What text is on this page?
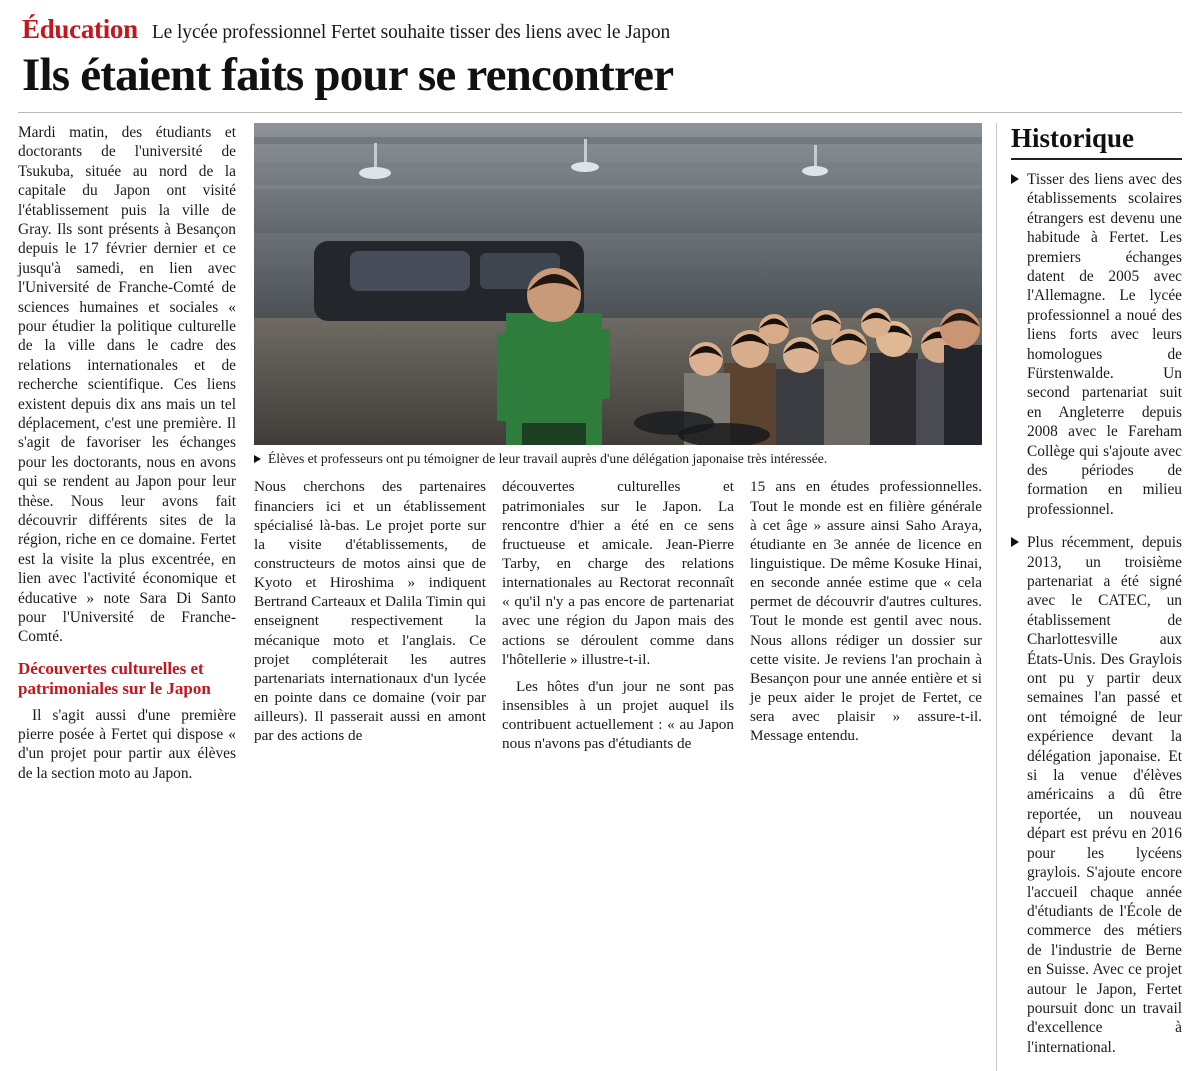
Éducation Le lycée professionnel Fertet souhaite tisser des liens avec le Japon
Ils étaient faits pour se rencontrer

Mardi matin, des étudiants et doctorants de l'université de Tsukuba, située au nord de la capitale du Japon ont visité l'établissement puis la ville de Gray. Ils sont présents à Besançon depuis le 17 février dernier et ce jusqu'à samedi, en lien avec l'Université de Franche-Comté de sciences humaines et sociales « pour étudier la politique culturelle de la ville dans le cadre des relations internationales et de recherche scientifique. Ces liens existent depuis dix ans mais un tel déplacement, c'est une première. Il s'agit de favoriser les échanges pour les doctorants, nous en avons qui se rendent au Japon pour leur thèse. Nous leur avons fait découvrir différents sites de la région, riche en ce domaine. Fertet est la visite la plus excentrée, en lien avec l'activité économique et éducative » note Sara Di Santo pour l'Université de Franche-Comté.

Découvertes culturelles et patrimoniales sur le Japon

Il s'agit aussi d'une première pierre posée à Fertet qui dispose « d'un projet pour partir aux élèves de la section moto au Japon.

Élèves et professeurs ont pu témoigner de leur travail auprès d'une délégation japonaise très intéressée.

Nous cherchons des partenaires financiers ici et un établissement spécialisé là-bas. Le projet porte sur la visite d'établissements, de constructeurs de motos ainsi que de Kyoto et Hiroshima » indiquent Bertrand Carteaux et Dalila Timin qui enseignent respectivement la mécanique moto et l'anglais. Ce projet compléterait les autres partenariats internationaux d'un lycée en pointe dans ce domaine (voir par ailleurs). Il passerait aussi en amont par des actions de

découvertes culturelles et patrimoniales sur le Japon. La rencontre d'hier a été en ce sens fructueuse et amicale. Jean-Pierre Tarby, en charge des relations internationales au Rectorat reconnaît « qu'il n'y a pas encore de partenariat avec une région du Japon mais des actions se déroulent comme dans l'hôtellerie » illustre-t-il.

Les hôtes d'un jour ne sont pas insensibles à un projet auquel ils contribuent actuellement : « au Japon nous n'avons pas d'étudiants de

15 ans en études professionnelles. Tout le monde est en filière générale à cet âge » assure ainsi Saho Araya, étudiante en 3e année de licence en linguistique. De même Kosuke Hinai, en seconde année estime que « cela permet de découvrir d'autres cultures. Tout le monde est gentil avec nous. Nous allons rédiger un dossier sur cette visite. Je reviens l'an prochain à Besançon pour une année entière et si je peux aider le projet de Fertet, ce sera avec plaisir » assure-t-il. Message entendu.

Historique
Tisser des liens avec des établissements scolaires étrangers est devenu une habitude à Fertet. Les premiers échanges datent de 2005 avec l'Allemagne. Le lycée professionnel a noué des liens forts avec leurs homologues de Fürstenwalde. Un second partenariat suit en Angleterre depuis 2008 avec le Fareham Collège qui s'ajoute avec des périodes de formation en milieu professionnel.
Plus récemment, depuis 2013, un troisième partenariat a été signé avec le CATEC, un établissement de Charlottesville aux États-Unis. Des Graylois ont pu y partir deux semaines l'an passé et ont témoigné de leur expérience devant la délégation japonaise. Et si la venue d'élèves américains a dû être reportée, un nouveau départ est prévu en 2016 pour les lycéens graylois. S'ajoute encore l'accueil chaque année d'étudiants de l'École de commerce des métiers de l'industrie de Berne en Suisse. Avec ce projet autour le Japon, Fertet poursuit donc un travail d'excellence à l'international.
